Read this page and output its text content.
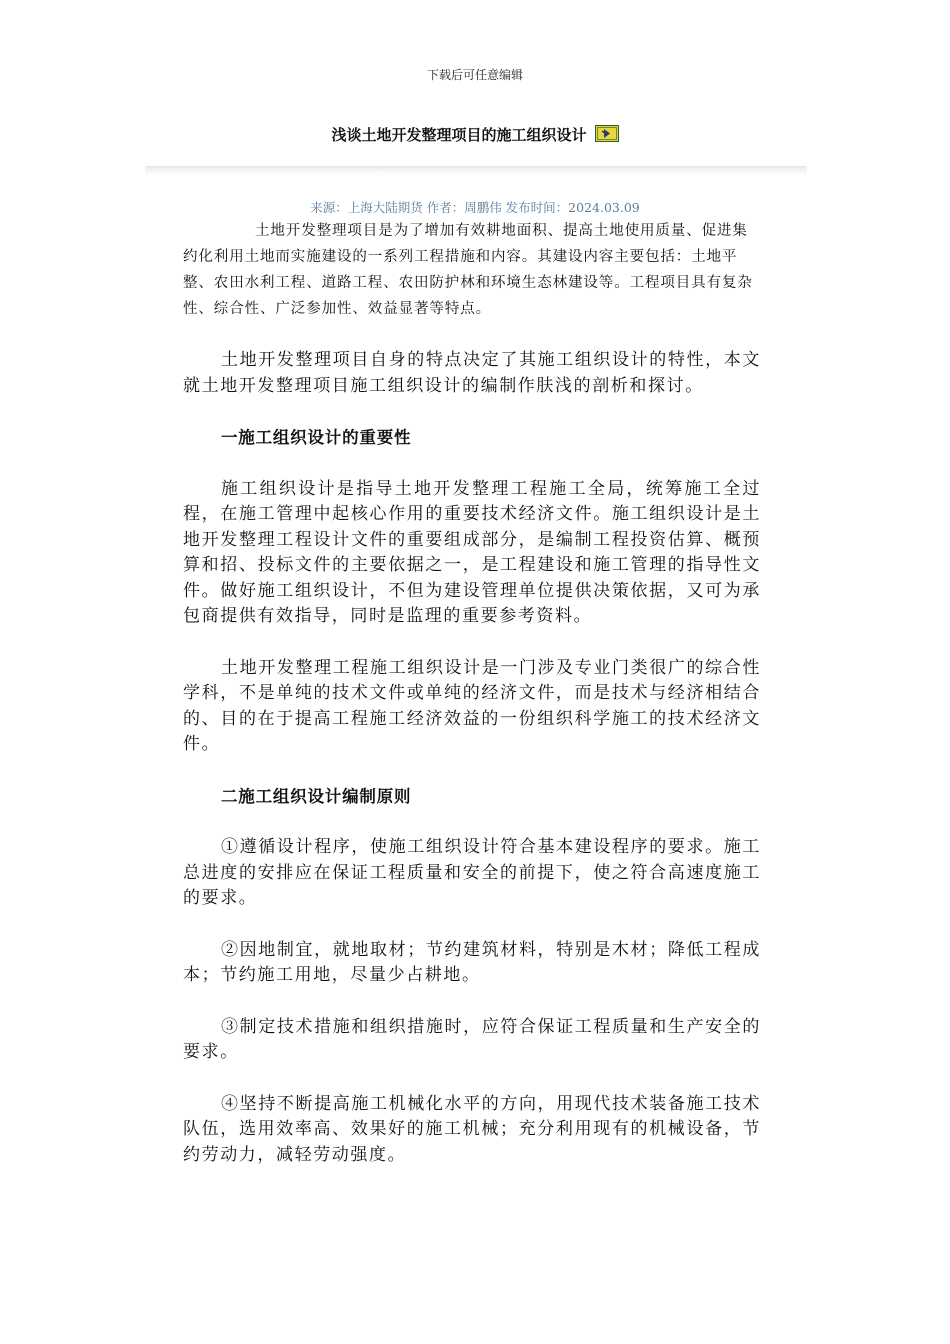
下载后可任意编辑
浅谈土地开发整理项目的施工组织设计
来源：上海大陆期货 作者：周鹏伟 发布时间：2024.03.09

土地开发整理项目是为了增加有效耕地面积、提高土地使用质量、促进集约化利用土地而实施建设的一系列工程措施和内容。其建设内容主要包括：土地平整、农田水利工程、道路工程、农田防护林和环境生态林建设等。工程项目具有复杂性、综合性、广泛参加性、效益显著等特点。

土地开发整理项目自身的特点决定了其施工组织设计的特性，本文就土地开发整理项目施工组织设计的编制作肤浅的剖析和探讨。

一施工组织设计的重要性

施工组织设计是指导土地开发整理工程施工全局，统筹施工全过程，在施工管理中起核心作用的重要技术经济文件。施工组织设计是土地开发整理工程设计文件的重要组成部分，是编制工程投资估算、概预算和招、投标文件的主要依据之一，是工程建设和施工管理的指导性文件。做好施工组织设计，不但为建设管理单位提供决策依据，又可为承包商提供有效指导，同时是监理的重要参考资料。

土地开发整理工程施工组织设计是一门涉及专业门类很广的综合性学科，不是单纯的技术文件或单纯的经济文件，而是技术与经济相结合的、目的在于提高工程施工经济效益的一份组织科学施工的技术经济文件。

二施工组织设计编制原则

①遵循设计程序，使施工组织设计符合基本建设程序的要求。施工总进度的安排应在保证工程质量和安全的前提下，使之符合高速度施工的要求。

②因地制宜，就地取材；节约建筑材料，特别是木材；降低工程成本；节约施工用地，尽量少占耕地。

③制定技术措施和组织措施时，应符合保证工程质量和生产安全的要求。

④坚持不断提高施工机械化水平的方向，用现代技术装备施工技术队伍，选用效率高、效果好的施工机械；充分利用现有的机械设备，节约劳动力，减轻劳动强度。
